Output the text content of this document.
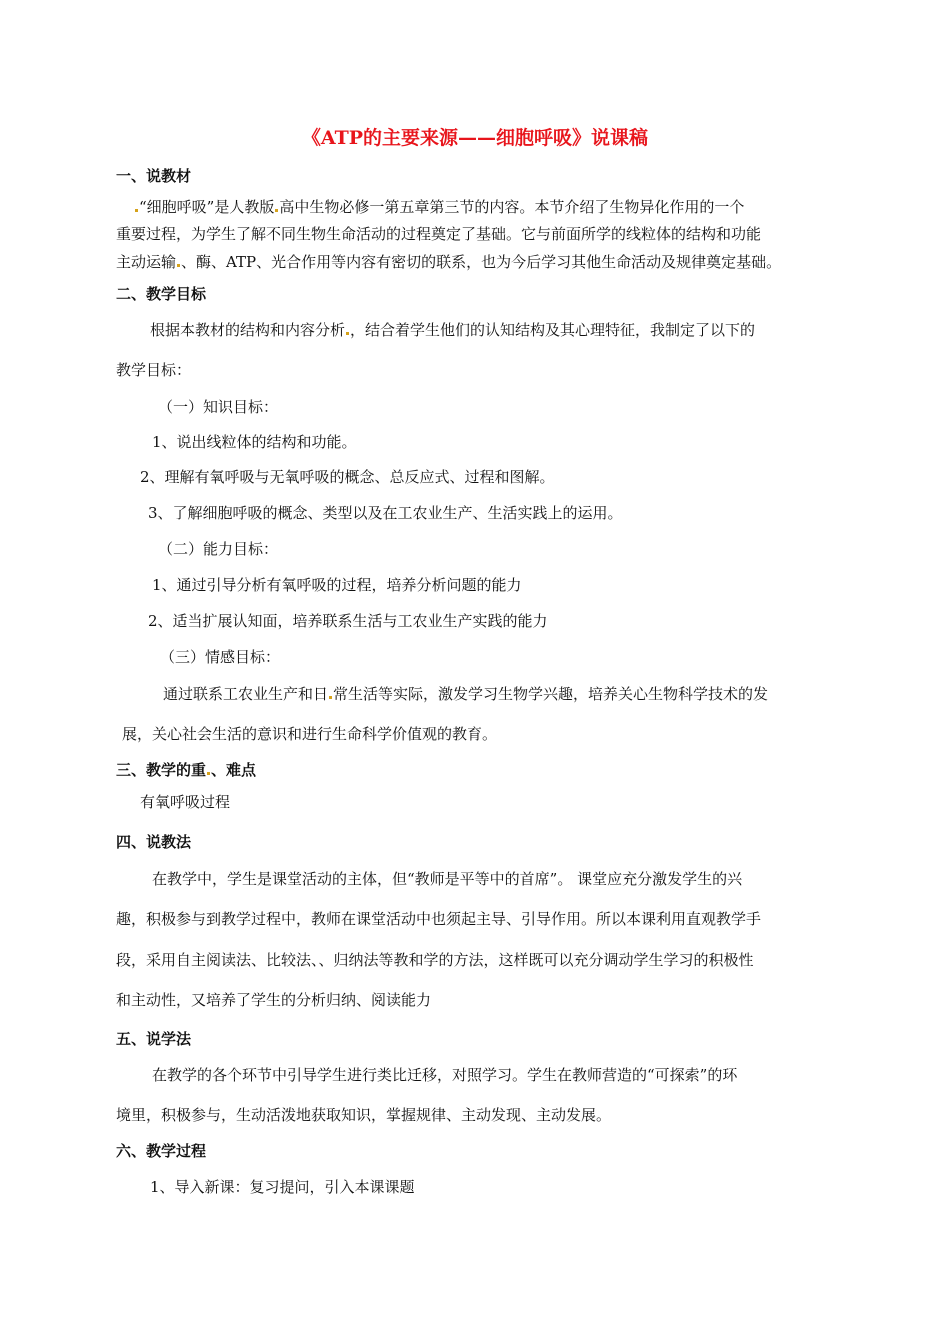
《ATP的主要来源——细胞呼吸》说课稿
一、说教材
“细胞呼吸”是人教版 高中生物必修一第五章第三节的内容。本节介绍了生物异化作用的一个
重要过程，为学生了解不同生物生命活动的过程奠定了基础。它与前面所学的线粒体的结构和功能
主动运输 、酶、ATP、光合作用等内容有密切的联系，也为今后学习其他生命活动及规律奠定基础。
二、教学目标
根据本教材的结构和内容分析 ，结合着学生他们的认知结构及其心理特征，我制定了以下的
教学目标：
（一）知识目标：
1、说出线粒体的结构和功能。
2、理解有氧呼吸与无氧呼吸的概念、总反应式、过程和图解。
3、了解细胞呼吸的概念、类型以及在工农业生产、生活实践上的运用。
（二）能力目标：
1、通过引导分析有氧呼吸的过程，培养分析问题的能力
2、适当扩展认知面，培养联系生活与工农业生产实践的能力
（三）情感目标：
通过联系工农业生产和日 常生活等实际，激发学习生物学兴趣，培养关心生物科学技术的发
展，关心社会生活的意识和进行生命科学价值观的教育。
三、教学的重 、难点
有氧呼吸过程
四、说教法
在教学中，学生是课堂活动的主体，但“教师是平等中的首席”。 课堂应充分激发学生的兴
趣，积极参与到教学过程中，教师在课堂活动中也须起主导、引导作用。所以本课利用直观教学手
段，采用自主阅读法、比较法、、归纳法等教和学的方法，这样既可以充分调动学生学习的积极性
和主动性，又培养了学生的分析归纳、阅读能力
五、说学法
在教学的各个环节中引导学生进行类比迁移，对照学习。学生在教师营造的“可探索”的环
境里，积极参与，生动活泼地获取知识，掌握规律、主动发现、主动发展。
六、教学过程
1、导入新课：复习提问，引入本课课题
